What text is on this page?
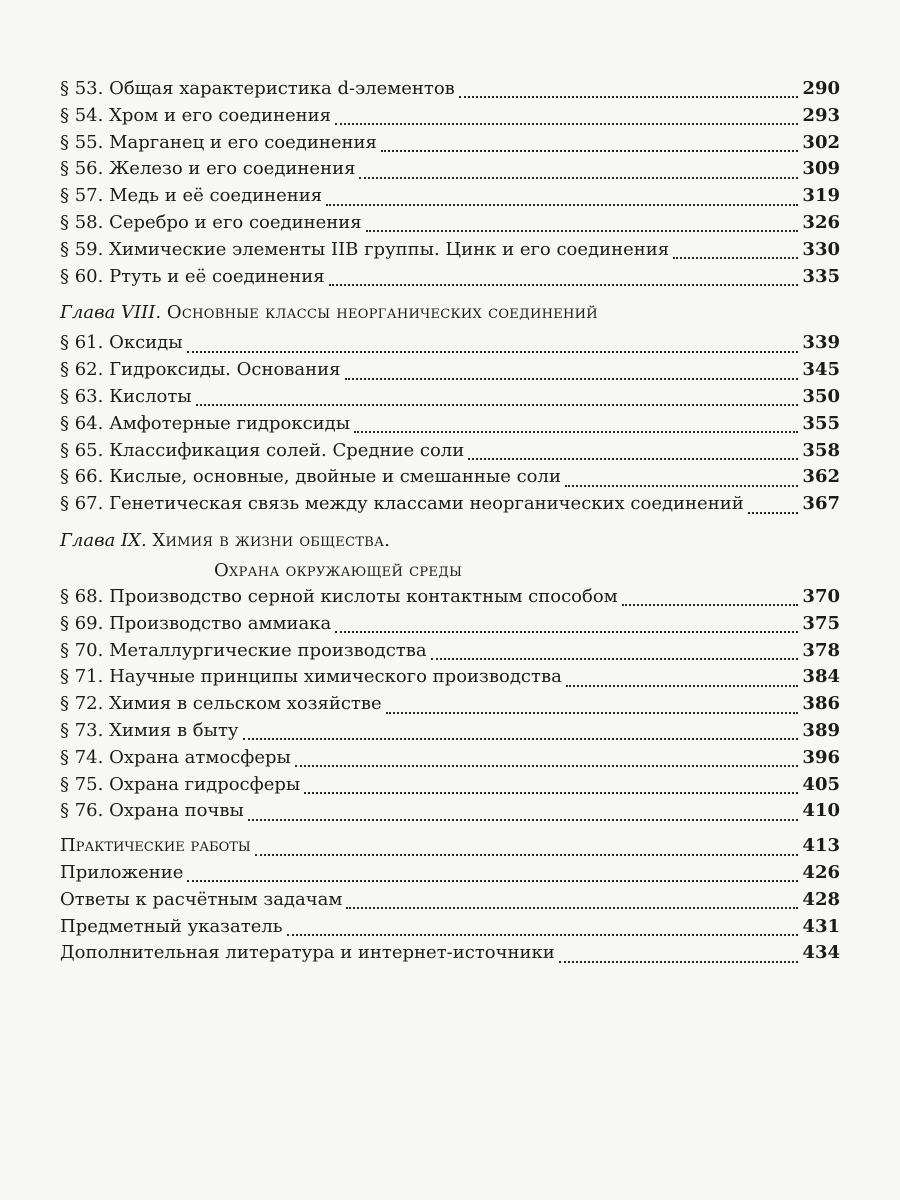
§ 53. Общая характеристика d-элементов	290
§ 54. Хром и его соединения	293
§ 55. Марганец и его соединения	302
§ 56. Железо и его соединения	309
§ 57. Медь и её соединения	319
§ 58. Серебро и его соединения	326
§ 59. Химические элементы IIB группы. Цинк и его соединения	330
§ 60. Ртуть и её соединения	335
Глава VIII.
Основные классы неорганических соединений
§ 61. Оксиды	339
§ 62. Гидроксиды. Основания	345
§ 63. Кислоты	350
§ 64. Амфотерные гидроксиды	355
§ 65. Классификация солей. Средние соли	358
§ 66. Кислые, основные, двойные и смешанные соли	362
§ 67. Генетическая связь между классами неорганических соединений	367
Глава IX.
Химия в жизни общества.
Охрана окружающей среды
§ 68. Производство серной кислоты контактным способом	370
§ 69. Производство аммиака	375
§ 70. Металлургические производства	378
§ 71. Научные принципы химического производства	384
§ 72. Химия в сельском хозяйстве	386
§ 73. Химия в быту	389
§ 74. Охрана атмосферы	396
§ 75. Охрана гидросферы	405
§ 76. Охрана почвы	410
Практические работы	413
Приложение	426
Ответы к расчётным задачам	428
Предметный указатель	431
Дополнительная литература и интернет-источники	434
